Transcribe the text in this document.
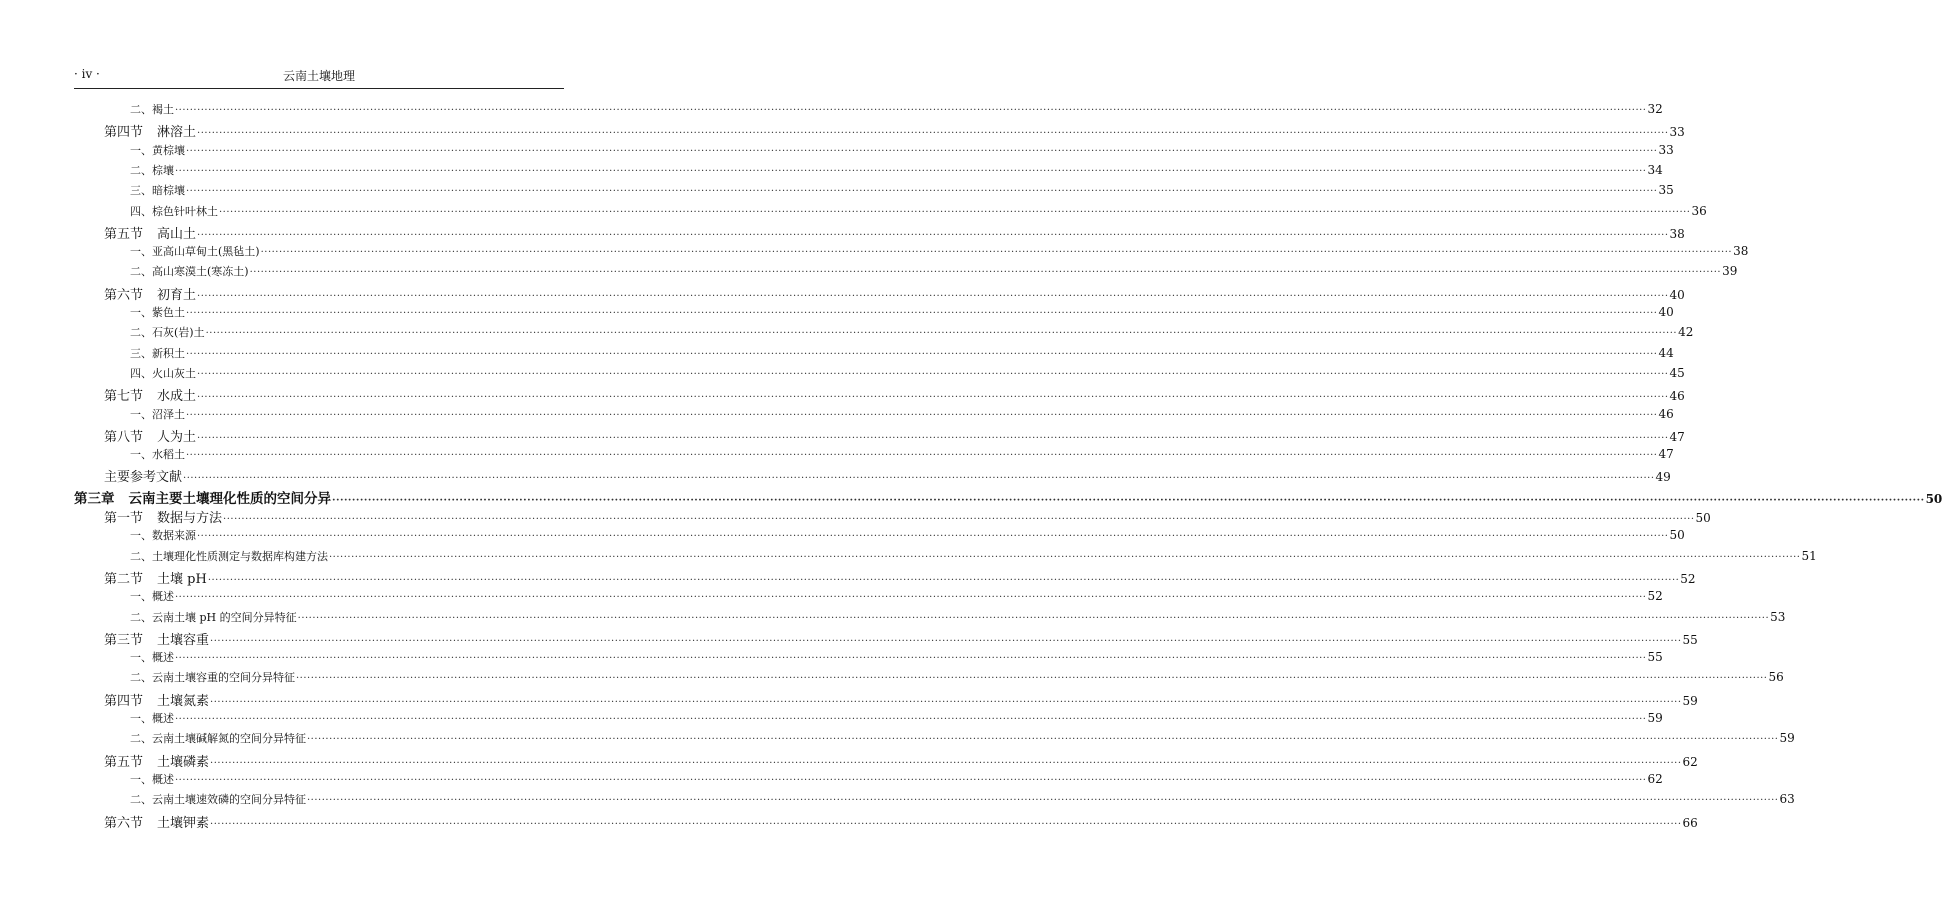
· iv ·	云南土壤地理
二、褐土 ················································································································································································································································································································································································································ 32
第四节 淋溶土 ················································································································································································································································································································································································································ 33
一、黄棕壤 ················································································································································································································································································································································································································ 33
二、棕壤 ················································································································································································································································································································································································································ 34
三、暗棕壤 ················································································································································································································································································································································································································ 35
四、棕色针叶林土 ················································································································································································································································································································································································································ 36
第五节 高山土 ················································································································································································································································································································································································································ 38
一、亚高山草甸土(黑毡土) ················································································································································································································································································································································································································ 38
二、高山寒漠土(寒冻土) ················································································································································································································································································································································································································ 39
第六节 初育土 ················································································································································································································································································································································································································ 40
一、紫色土 ················································································································································································································································································································································································································ 40
二、石灰(岩)土 ················································································································································································································································································································································································································ 42
三、新积土 ················································································································································································································································································································································································································ 44
四、火山灰土 ················································································································································································································································································································································································································ 45
第七节 水成土 ················································································································································································································································································································································································································ 46
一、沼泽土 ················································································································································································································································································································································································································ 46
第八节 人为土 ················································································································································································································································································································································································································ 47
一、水稻土 ················································································································································································································································································································································································································ 47
主要参考文献 ················································································································································································································································································································································································································ 49
第三章 云南主要土壤理化性质的空间分异 ················································································································································································································································································································································································································ 50
第一节 数据与方法 ················································································································································································································································································································································································································ 50
一、数据来源 ················································································································································································································································································································································································································ 50
二、土壤理化性质测定与数据库构建方法 ················································································································································································································································································································································································································ 51
第二节 土壤 pH ················································································································································································································································································································································································································ 52
一、概述 ················································································································································································································································································································································································································ 52
二、云南土壤 pH 的空间分异特征 ················································································································································································································································································································································································································ 53
第三节 土壤容重 ················································································································································································································································································································································································································ 55
一、概述 ················································································································································································································································································································································································································ 55
二、云南土壤容重的空间分异特征 ················································································································································································································································································································································································································ 56
第四节 土壤氮素 ················································································································································································································································································································································································································ 59
一、概述 ················································································································································································································································································································································································································ 59
二、云南土壤碱解氮的空间分异特征 ················································································································································································································································································································································································································ 59
第五节 土壤磷素 ················································································································································································································································································································································································································ 62
一、概述 ················································································································································································································································································································································································································ 62
二、云南土壤速效磷的空间分异特征 ················································································································································································································································································································································································································ 63
第六节 土壤钾素 ················································································································································································································································································································································································································ 66
